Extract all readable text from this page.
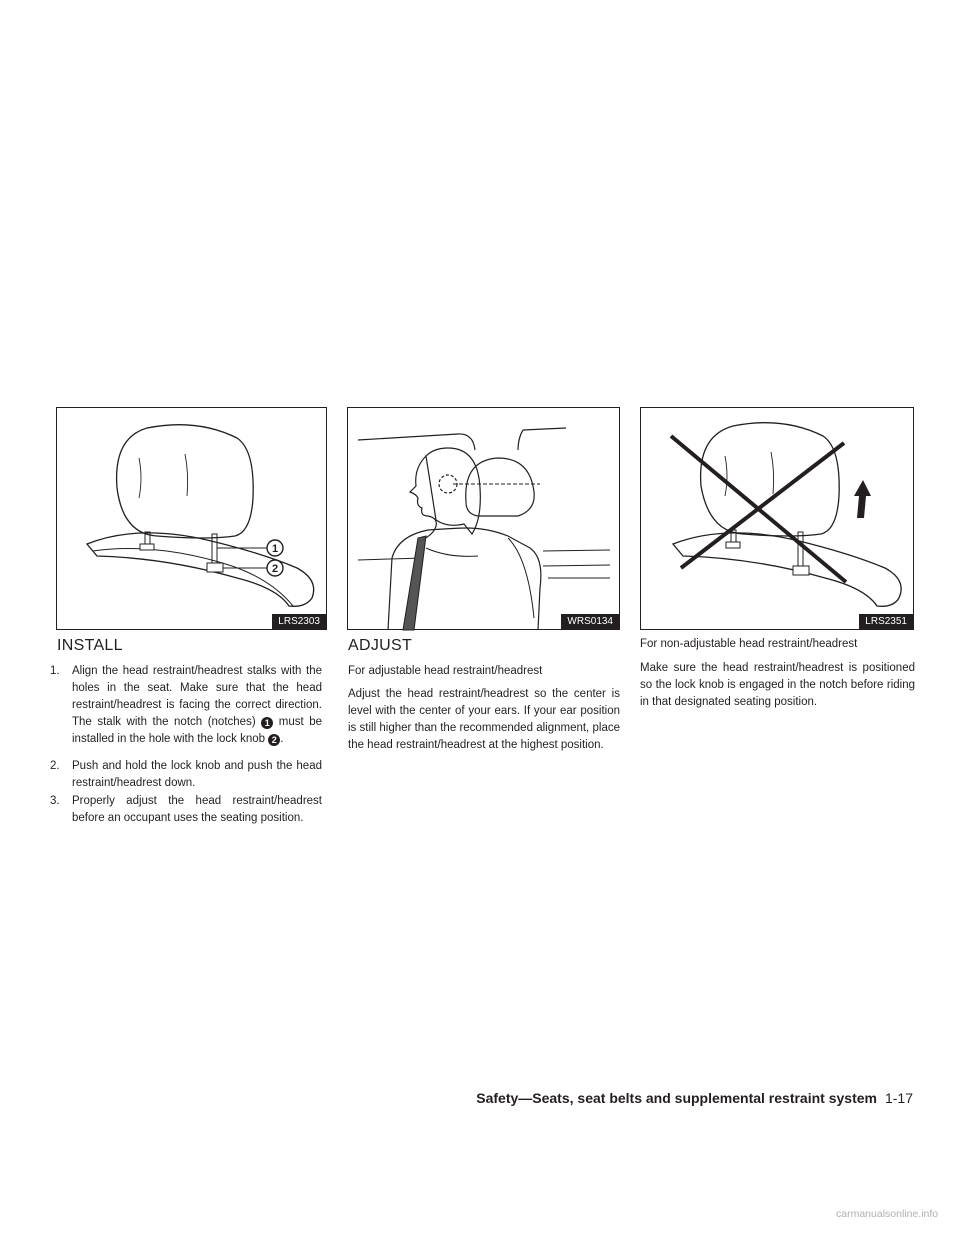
1
2
LRS2303	WRS0134	LRS2351
INSTALL

1. Align the head restraint/headrest stalks with the holes in the seat. Make sure that the head restraint/headrest is facing the correct direction. The stalk with the notch (notches) 1 must be installed in the hole with the lock knob 2 .

2. Push and hold the lock knob and push the head restraint/headrest down.

3. Properly adjust the head restraint/headrest before an occupant uses the seating position.

ADJUST

For adjustable head restraint/headrest

Adjust the head restraint/headrest so the center is level with the center of your ears. If your ear position is still higher than the recommended alignment, place the head restraint/headrest at the highest position.

For non-adjustable head restraint/headrest

Make sure the head restraint/headrest is positioned so the lock knob is engaged in the notch before riding in that designated seating position.

Safety—Seats, seat belts and supplemental restraint system 1-17
carmanualsonline.info
